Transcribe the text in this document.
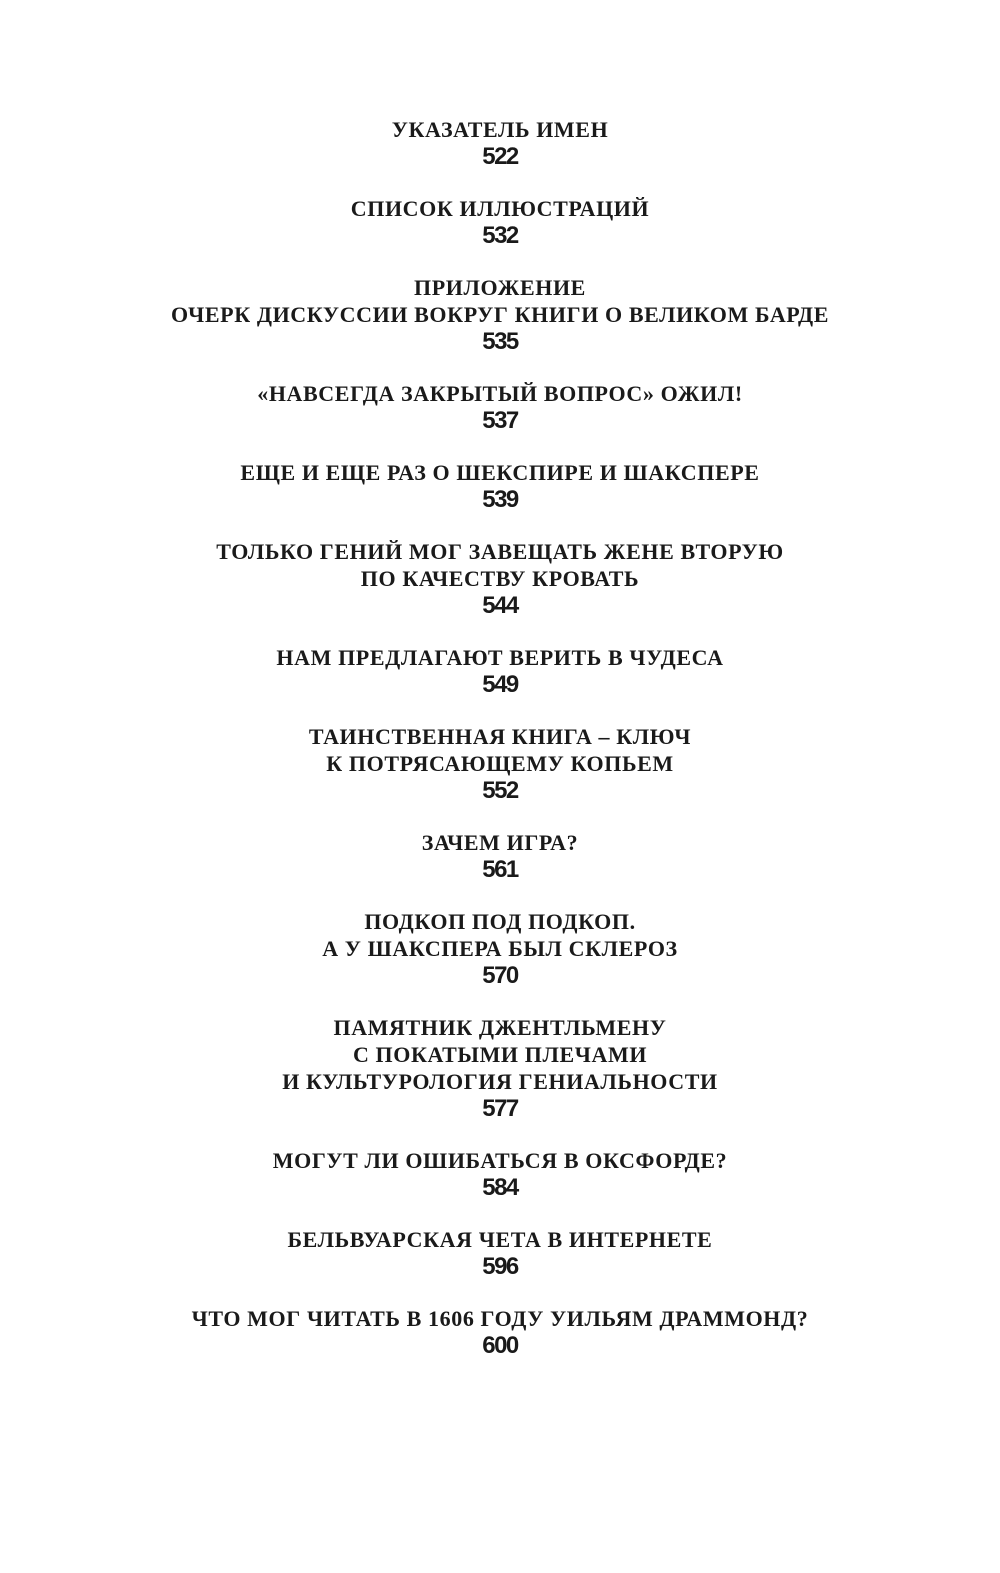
УКАЗАТЕЛЬ ИМЕН
522
СПИСОК ИЛЛЮСТРАЦИЙ
532
ПРИЛОЖЕНИЕ
ОЧЕРК ДИСКУССИИ ВОКРУГ КНИГИ О ВЕЛИКОМ БАРДЕ
535
«НАВСЕГДА ЗАКРЫТЫЙ ВОПРОС» ОЖИЛ!
537
ЕЩЕ И ЕЩЕ РАЗ О ШЕКСПИРЕ И ШАКСПЕРЕ
539
ТОЛЬКО ГЕНИЙ МОГ ЗАВЕЩАТЬ ЖЕНЕ ВТОРУЮ
ПО КАЧЕСТВУ КРОВАТЬ
544
НАМ ПРЕДЛАГАЮТ ВЕРИТЬ В ЧУДЕСА
549
ТАИНСТВЕННАЯ КНИГА – КЛЮЧ
К ПОТРЯСАЮЩЕМУ КОПЬЕМ
552
ЗАЧЕМ ИГРА?
561
ПОДКОП ПОД ПОДКОП.
А У ШАКСПЕРА БЫЛ СКЛЕРОЗ
570
ПАМЯТНИК ДЖЕНТЛЬМЕНУ
С ПОКАТЫМИ ПЛЕЧАМИ
И КУЛЬТУРОЛОГИЯ ГЕНИАЛЬНОСТИ
577
МОГУТ ЛИ ОШИБАТЬСЯ В ОКСФОРДЕ?
584
БЕЛЬВУАРСКАЯ ЧЕТА В ИНТЕРНЕТЕ
596
ЧТО МОГ ЧИТАТЬ В 1606 ГОДУ УИЛЬЯМ ДРАММОНД?
600
